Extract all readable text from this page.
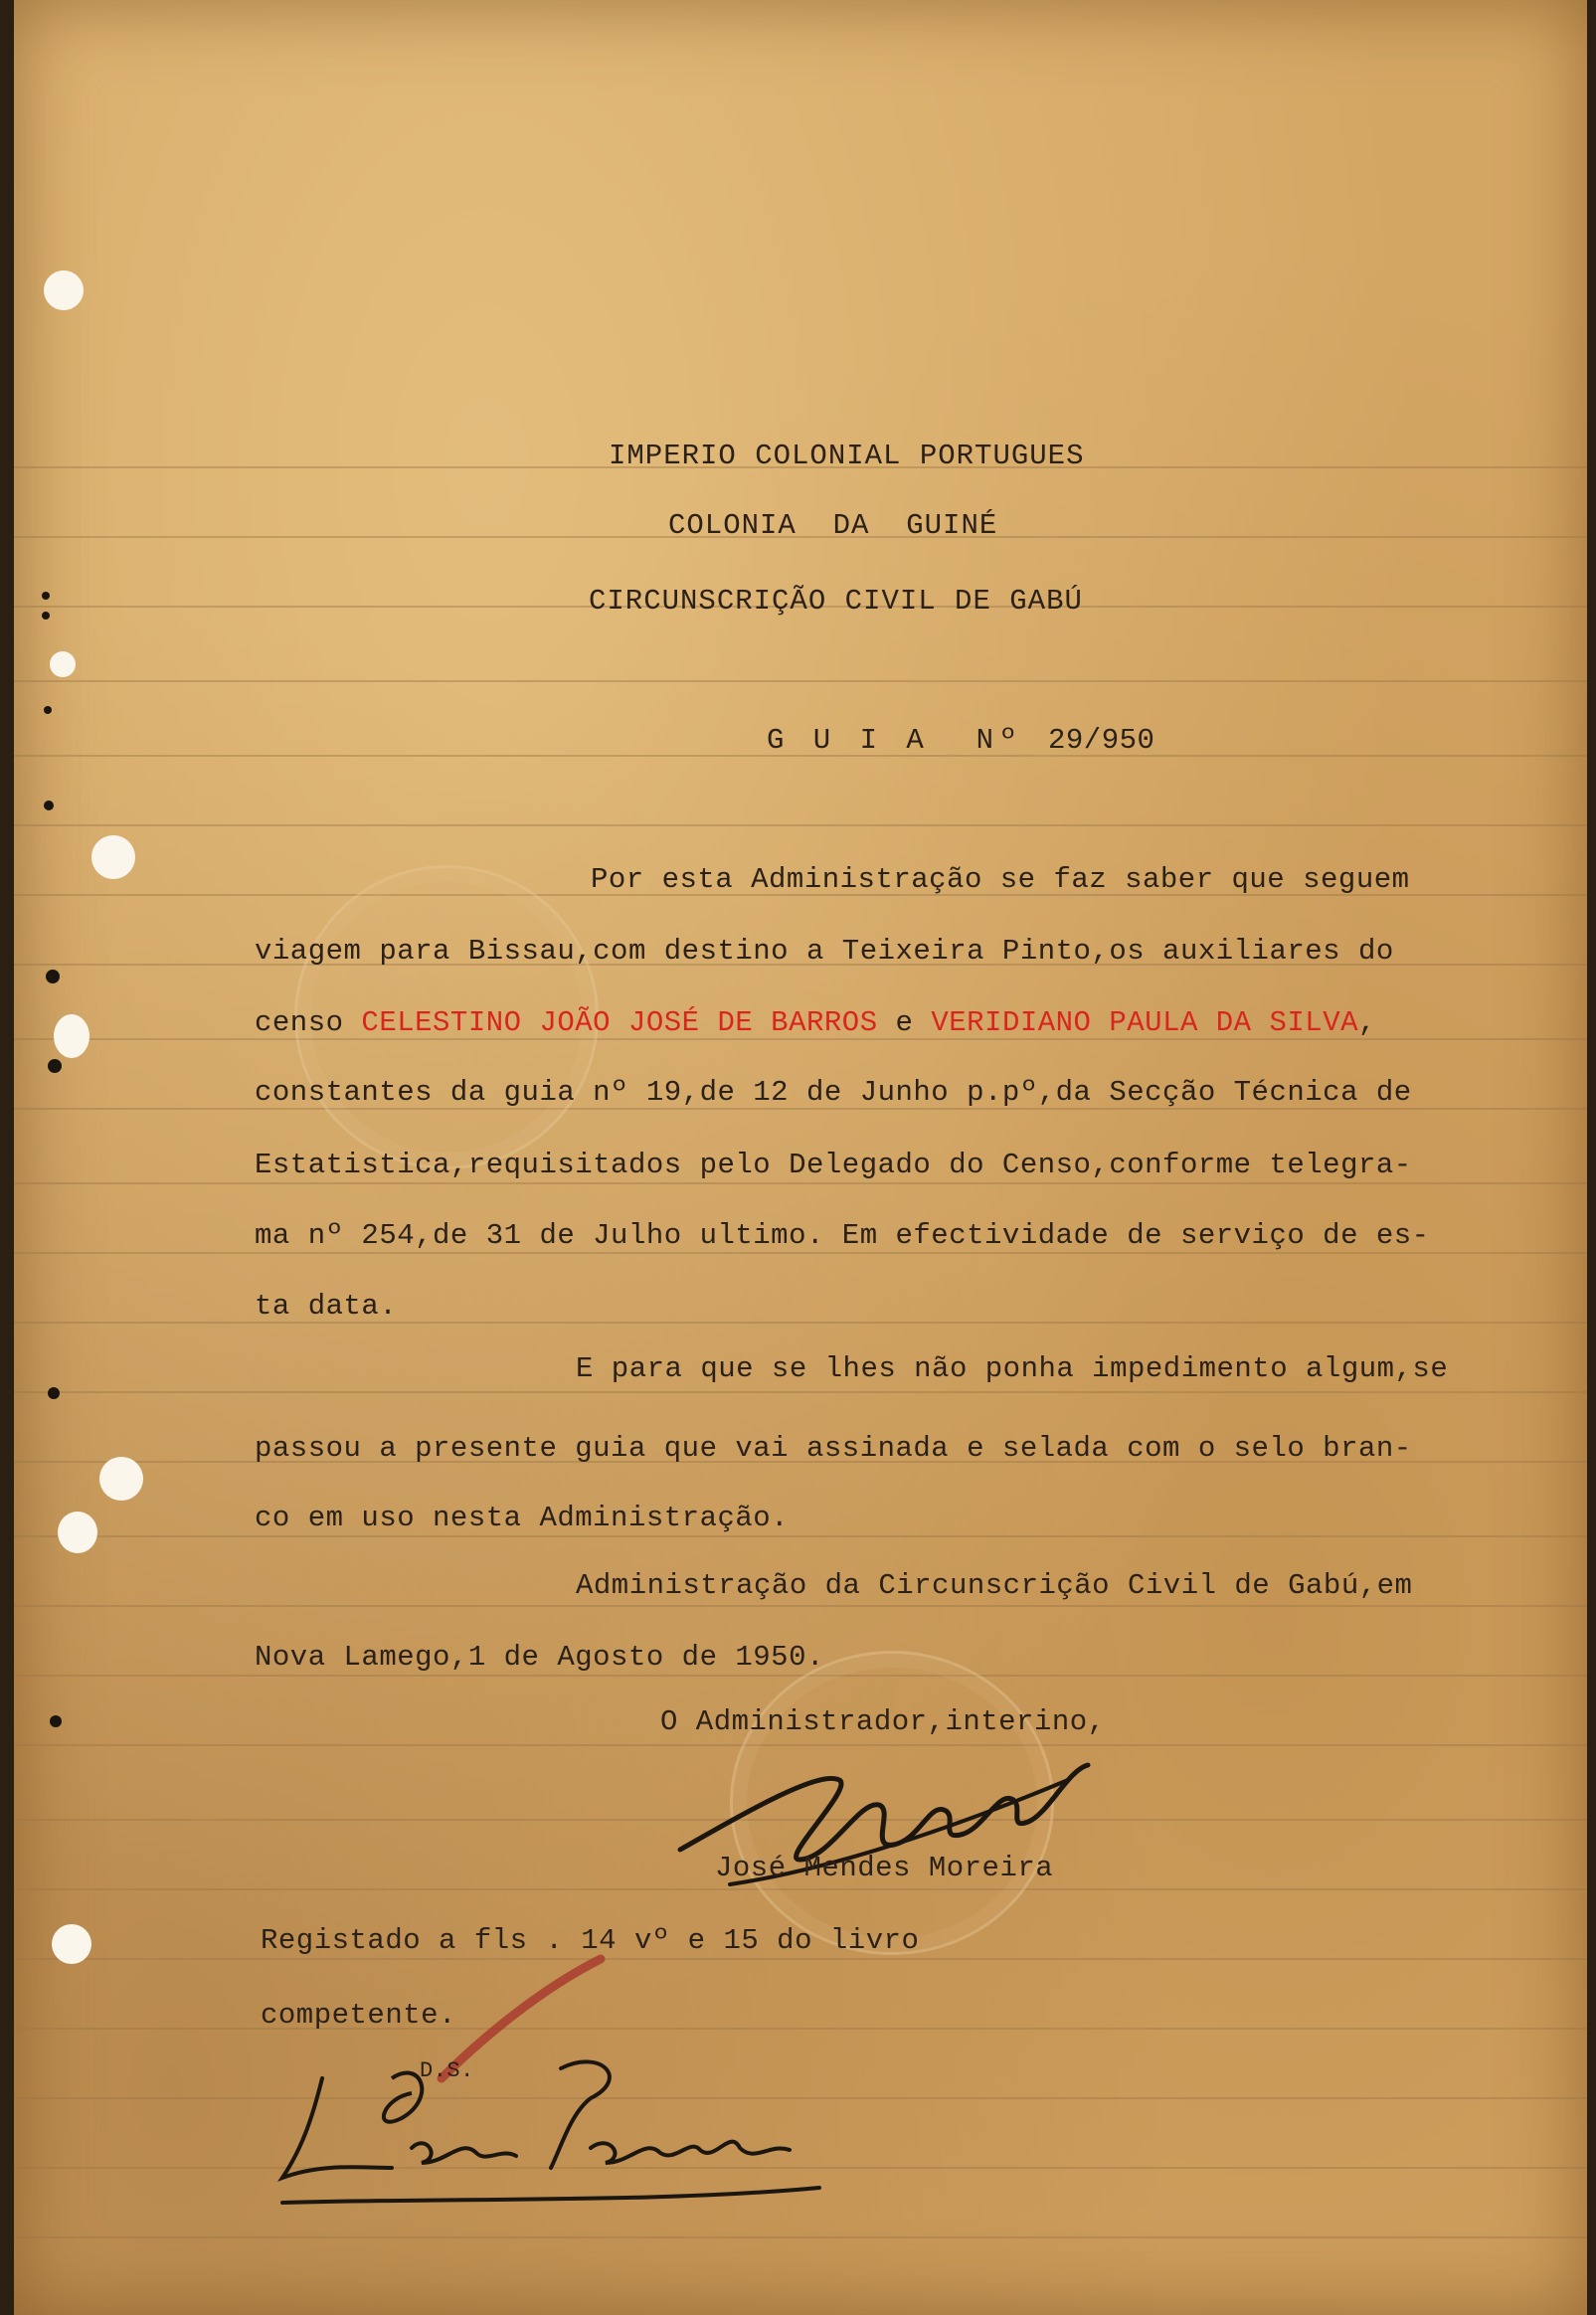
IMPERIO COLONIAL PORTUGUES
COLONIA  DA  GUINÉ
CIRCUNSCRIÇÃO CIVIL DE GABÚ
G U I A  Nº 29/950
Por esta Administração se faz saber que seguem
viagem para Bissau,com destino a Teixeira Pinto,os auxiliares do
censo CELESTINO JOÃO JOSÉ DE BARROS e VERIDIANO PAULA DA SILVA,
constantes da guia nº 19,de 12 de Junho p.pº,da Secção Técnica de
Estatistica,requisitados pelo Delegado do Censo,conforme telegra-
ma nº 254,de 31 de Julho ultimo. Em efectividade de serviço de es-
ta data.
E para que se lhes não ponha impedimento algum,se
passou a presente guia que vai assinada e selada com o selo bran-
co em uso nesta Administração.
Administração da Circunscrição Civil de Gabú,em
Nova Lamego,1 de Agosto de 1950.
O Administrador,interino,
José Mendes Moreira
Registado a fls . 14 vº e 15 do livro
competente.
D.S.
